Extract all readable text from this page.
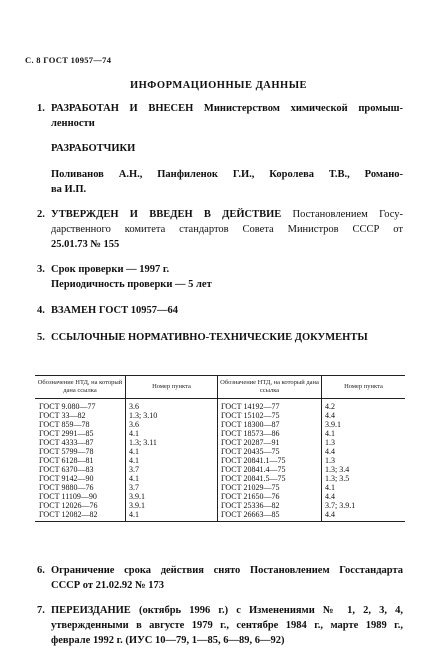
С. 8 ГОСТ 10957—74
ИНФОРМАЦИОННЫЕ ДАННЫЕ
1. РАЗРАБОТАН И ВНЕСЕН Министерством химической промыш-
ленности
РАЗРАБОТЧИКИ
Поливанов А.Н., Панфиленок Г.И., Королева Т.В., Романо-
ва И.П.
2. УТВЕРЖДЕН И ВВЕДЕН В ДЕЙСТВИЕ Постановлением Госу-
дарственного комитета стандартов Совета Министров СССР от
25.01.73 № 155
3. Срок проверки — 1997 г.
Периодичность проверки — 5 лет
4. ВЗАМЕН ГОСТ 10957—64
5. ССЫЛОЧНЫЕ НОРМАТИВНО-ТЕХНИЧЕСКИЕ ДОКУМЕНТЫ
Обозначение НТД, на который дана ссылка	Номер пункта	Обозначение НТД, на который дана ссылка	Номер пункта
ГОСТ 9.080—77	3.6	ГОСТ 14192—77	4.2
ГОСТ 33—82	1.3; 3.10	ГОСТ 15102—75	4.4
ГОСТ 859—78	3.6	ГОСТ 18300—87	3.9.1
ГОСТ 2991—85	4.1	ГОСТ 18573—86	4.1
ГОСТ 4333—87	1.3; 3.11	ГОСТ 20287—91	1.3
ГОСТ 5799—78	4.1	ГОСТ 20435—75	4.4
ГОСТ 6128—81	4.1	ГОСТ 20841.1—75	1.3
ГОСТ 6370—83	3.7	ГОСТ 20841.4—75	1.3; 3.4
ГОСТ 9142—90	4.1	ГОСТ 20841.5—75	1.3; 3.5
ГОСТ 9880—76	3.7	ГОСТ 21029—75	4.1
ГОСТ 11109—90	3.9.1	ГОСТ 21650—76	4.4
ГОСТ 12026—76	3.9.1	ГОСТ 25336—82	3.7; 3.9.1
ГОСТ 12082—82	4.1	ГОСТ 26663—85	4.4
6. Ограничение срока действия снято Постановлением Госстандарта
СССР от 21.02.92 № 173
7. ПЕРЕИЗДАНИЕ (октябрь 1996 г.) с Изменениями № 1, 2, 3, 4,
утвержденными в августе 1979 г., сентябре 1984 г., марте 1989 г.,
феврале 1992 г. (ИУС 10—79, 1—85, 6—89, 6—92)
